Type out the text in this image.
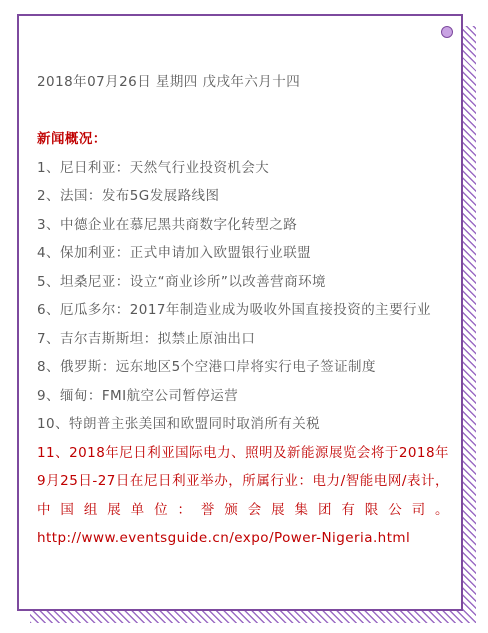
2018年07月26日 星期四 戊戌年六月十四

新闻概况：

1、尼日利亚：天然气行业投资机会大

2、法国：发布5G发展路线图

3、中德企业在慕尼黑共商数字化转型之路

4、保加利亚：正式申请加入欧盟银行业联盟

5、坦桑尼亚：设立“商业诊所”以改善营商环境

6、厄瓜多尔：2017年制造业成为吸收外国直接投资的主要行业

7、吉尔吉斯斯坦：拟禁止原油出口

8、俄罗斯：远东地区5个空港口岸将实行电子签证制度

9、缅甸：FMI航空公司暂停运营

10、特朗普主张美国和欧盟同时取消所有关税

11、2018年尼日利亚国际电力、照明及新能源展览会将于2018年9月25日-27日在尼日利亚举办，所属行业：电力/智能电网/表计，中国组展单位：誉颁会展集团有限公司。 http://www.eventsguide.cn/expo/Power-Nigeria.html
